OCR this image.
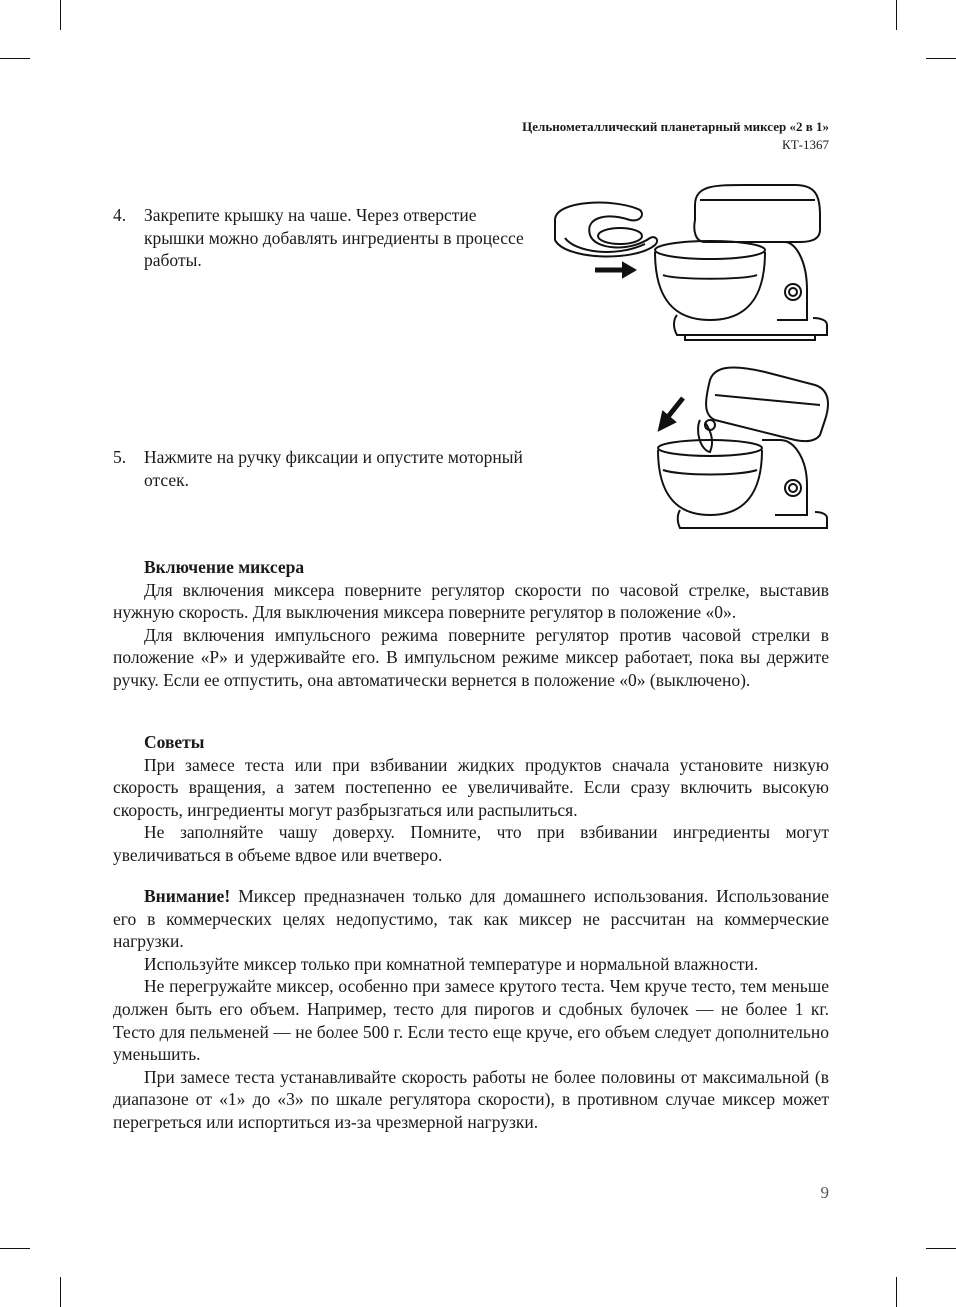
Цельнометаллический планетарный миксер «2 в 1»
КТ-1367
4. Закрепите крышку на чаше. Через отверстие крышки можно добавлять ингредиенты в процессе работы.
5. Нажмите на ручку фиксации и опустите моторный отсек.
Включение миксера

Для включения миксера поверните регулятор скорости по часовой стрелке, выставив нужную скорость. Для выключения миксера поверните регулятор в положение «0».

Для включения импульсного режима поверните регулятор против часовой стрелки в положение «P» и удерживайте его. В импульсном режиме миксер работает, пока вы держите ручку. Если ее отпустить, она автоматически вернется в положение «0» (выключено).

Советы

При замесе теста или при взбивании жидких продуктов сначала установите низкую скорость вращения, а затем постепенно ее увеличивайте. Если сразу включить высокую скорость, ингредиенты могут разбрызгаться или распылиться.

Не заполняйте чашу доверху. Помните, что при взбивании ингредиенты могут увеличиваться в объеме вдвое или вчетверо.

Внимание! Миксер предназначен только для домашнего использования. Использование его в коммерческих целях недопустимо, так как миксер не рассчитан на коммерческие нагрузки.

Используйте миксер только при комнатной температуре и нормальной влажности.

Не перегружайте миксер, особенно при замесе крутого теста. Чем круче тесто, тем меньше должен быть его объем. Например, тесто для пирогов и сдобных булочек — не более 1 кг. Тесто для пельменей — не более 500 г. Если тесто еще круче, его объем следует дополнительно уменьшить.

При замесе теста устанавливайте скорость работы не более половины от максимальной (в диапазоне от «1» до «3» по шкале регулятора скорости), в противном случае миксер может перегреться или испортиться из-за чрезмерной нагрузки.

9
